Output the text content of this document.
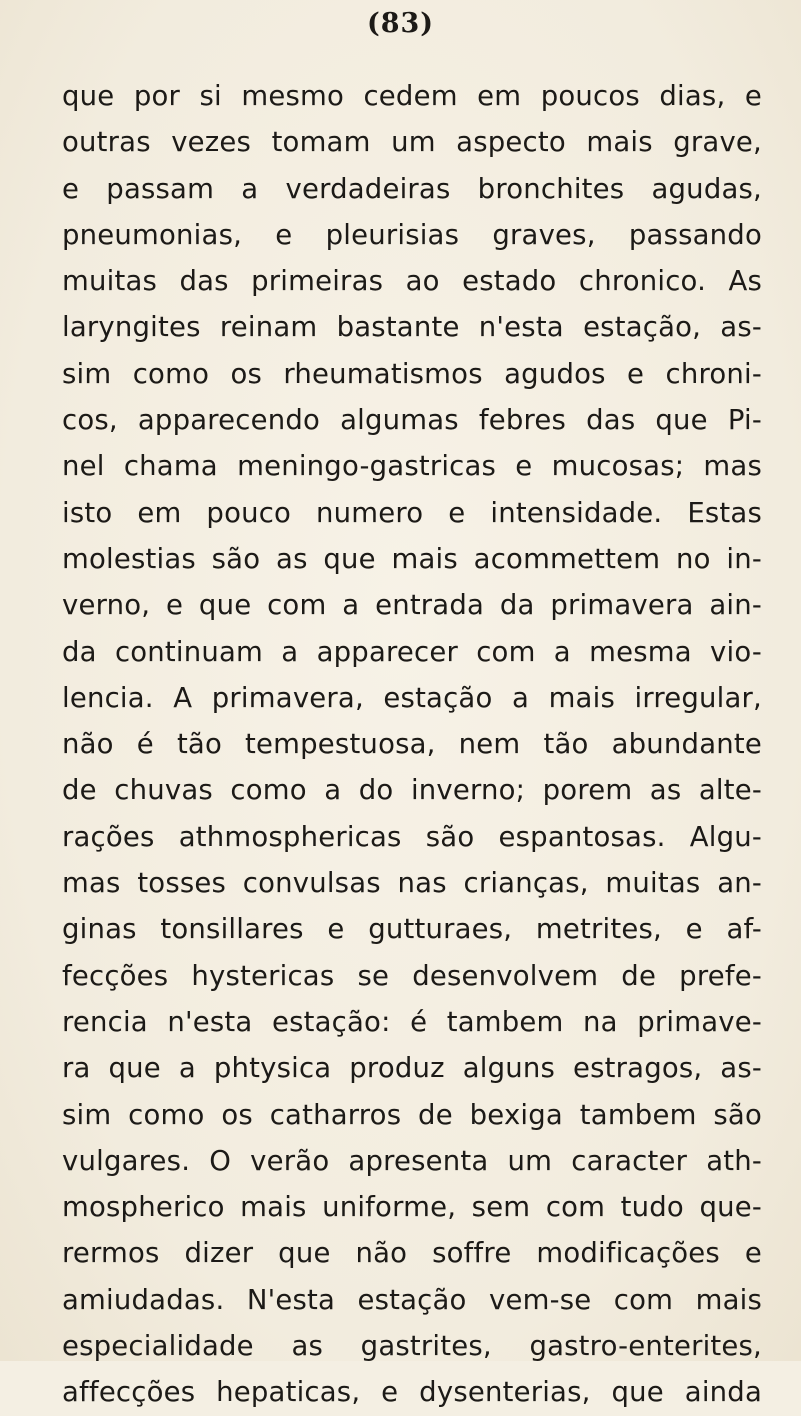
(83)
que por si mesmo cedem em poucos dias, e
outras vezes tomam um aspecto mais grave,
e passam a verdadeiras bronchites agudas,
pneumonias, e pleurisias graves, passando
muitas das primeiras ao estado chronico. As
laryngites reinam bastante n'esta estação, as-
sim como os rheumatismos agudos e chroni-
cos, apparecendo algumas febres das que Pi-
nel chama meningo-gastricas e mucosas; mas
isto em pouco numero e intensidade. Estas
molestias são as que mais acommettem no in-
verno, e que com a entrada da primavera ain-
da continuam a apparecer com a mesma vio-
lencia. A primavera, estação a mais irregular,
não é tão tempestuosa, nem tão abundante
de chuvas como a do inverno; porem as alte-
rações athmosphericas são espantosas. Algu-
mas tosses convulsas nas crianças, muitas an-
ginas tonsillares e gutturaes, metrites, e af-
fecções hystericas se desenvolvem de prefe-
rencia n'esta estação: é tambem na primave-
ra que a phtysica produz alguns estragos, as-
sim como os catharros de bexiga tambem são
vulgares. O verão apresenta um caracter ath-
mospherico mais uniforme, sem com tudo que-
rermos dizer que não soffre modificações e
amiudadas. N'esta estação vem-se com mais
especialidade as gastrites, gastro-enterites,
affecções hepaticas, e dysenterias, que ainda
